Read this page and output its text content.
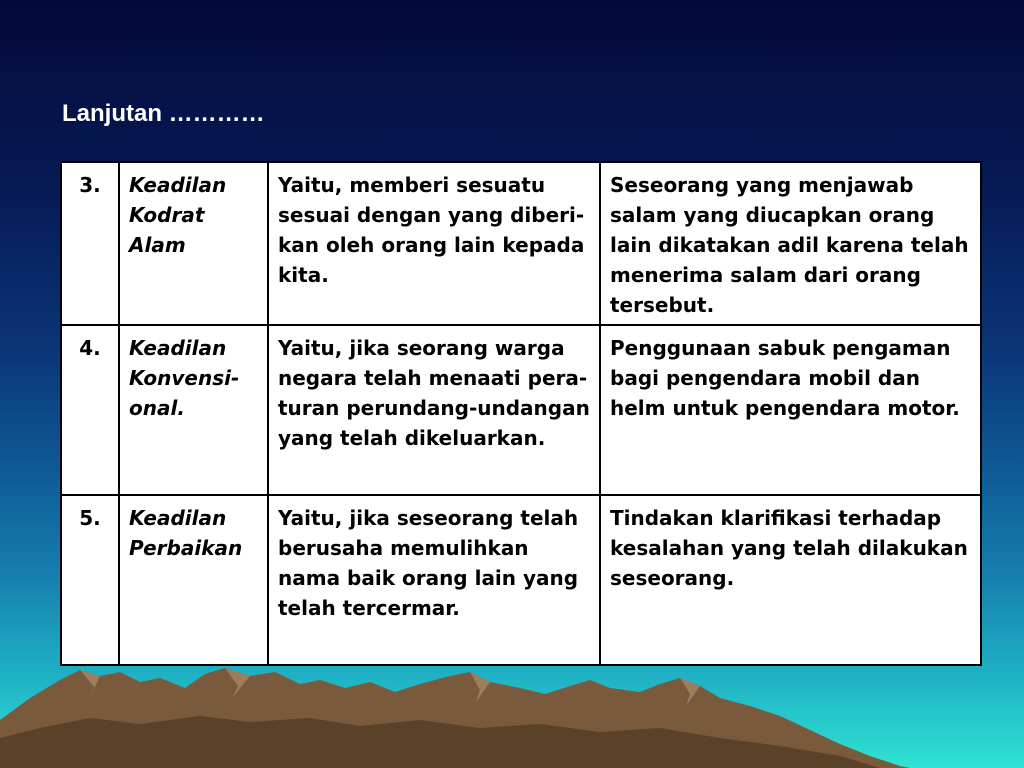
Lanjutan …………
3.	Keadilan
Kodrat
Alam	Yaitu, memberi sesuatu sesuai dengan yang diberi-kan oleh orang lain kepada kita.	Seseorang yang menjawab salam yang diucapkan orang lain dikatakan adil karena telah menerima salam dari orang tersebut.
4.	Keadilan
Konvensi-
onal.	Yaitu, jika seorang warga negara telah menaati pera-turan perundang-undangan yang telah dikeluarkan.	Penggunaan sabuk pengaman bagi pengendara mobil dan helm untuk pengendara motor.
5.	Keadilan
Perbaikan	Yaitu, jika seseorang telah berusaha memulihkan nama baik orang lain yang telah tercermar.	Tindakan klarifikasi terhadap kesalahan yang telah dilakukan seseorang.
